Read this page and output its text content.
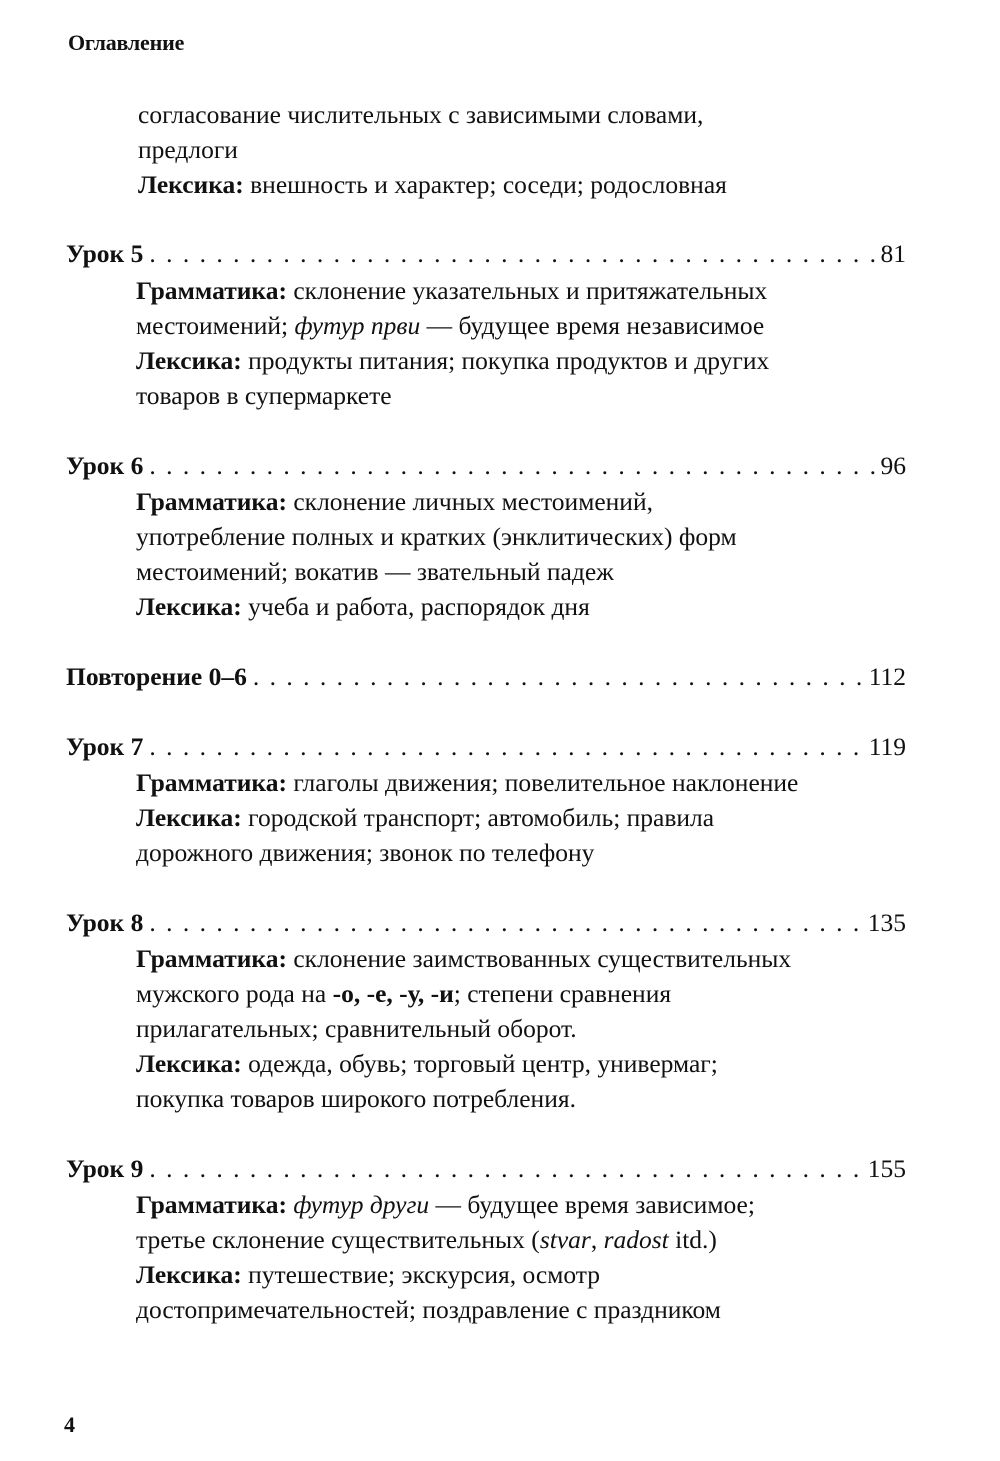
Оглавление
согласование числительных с зависимыми словами,
предлоги
Лексика: внешность и характер; соседи; родословная
Урок 5 . . .	81
Грамматика: склонение указательных и притяжательных
местоимений; футур први — будущее время независимое
Лексика: продукты питания; покупка продуктов и других
товаров в супермаркете
Урок 6 . . .	96
Грамматика: склонение личных местоимений,
употребление полных и кратких (энклитических) форм
местоимений; вокатив — звательный падеж
Лексика: учеба и работа, распорядок дня
Повторение 0–6 . . .	112
Урок 7 . . .	119
Грамматика: глаголы движения; повелительное наклонение
Лексика: городской транспорт; автомобиль; правила
дорожного движения; звонок по телефону
Урок 8 . . .	135
Грамматика: склонение заимствованных существительных
мужского рода на -о, -е, -у, -и; степени сравнения
прилагательных; сравнительный оборот.
Лексика: одежда, обувь; торговый центр, универмаг;
покупка товаров широкого потребления.
Урок 9 . . .	155
Грамматика: футур други — будущее время зависимое;
третье склонение существительных (stvar, radost itd.)
Лексика: путешествие; экскурсия, осмотр
достопримечательностей; поздравление с праздником
4
